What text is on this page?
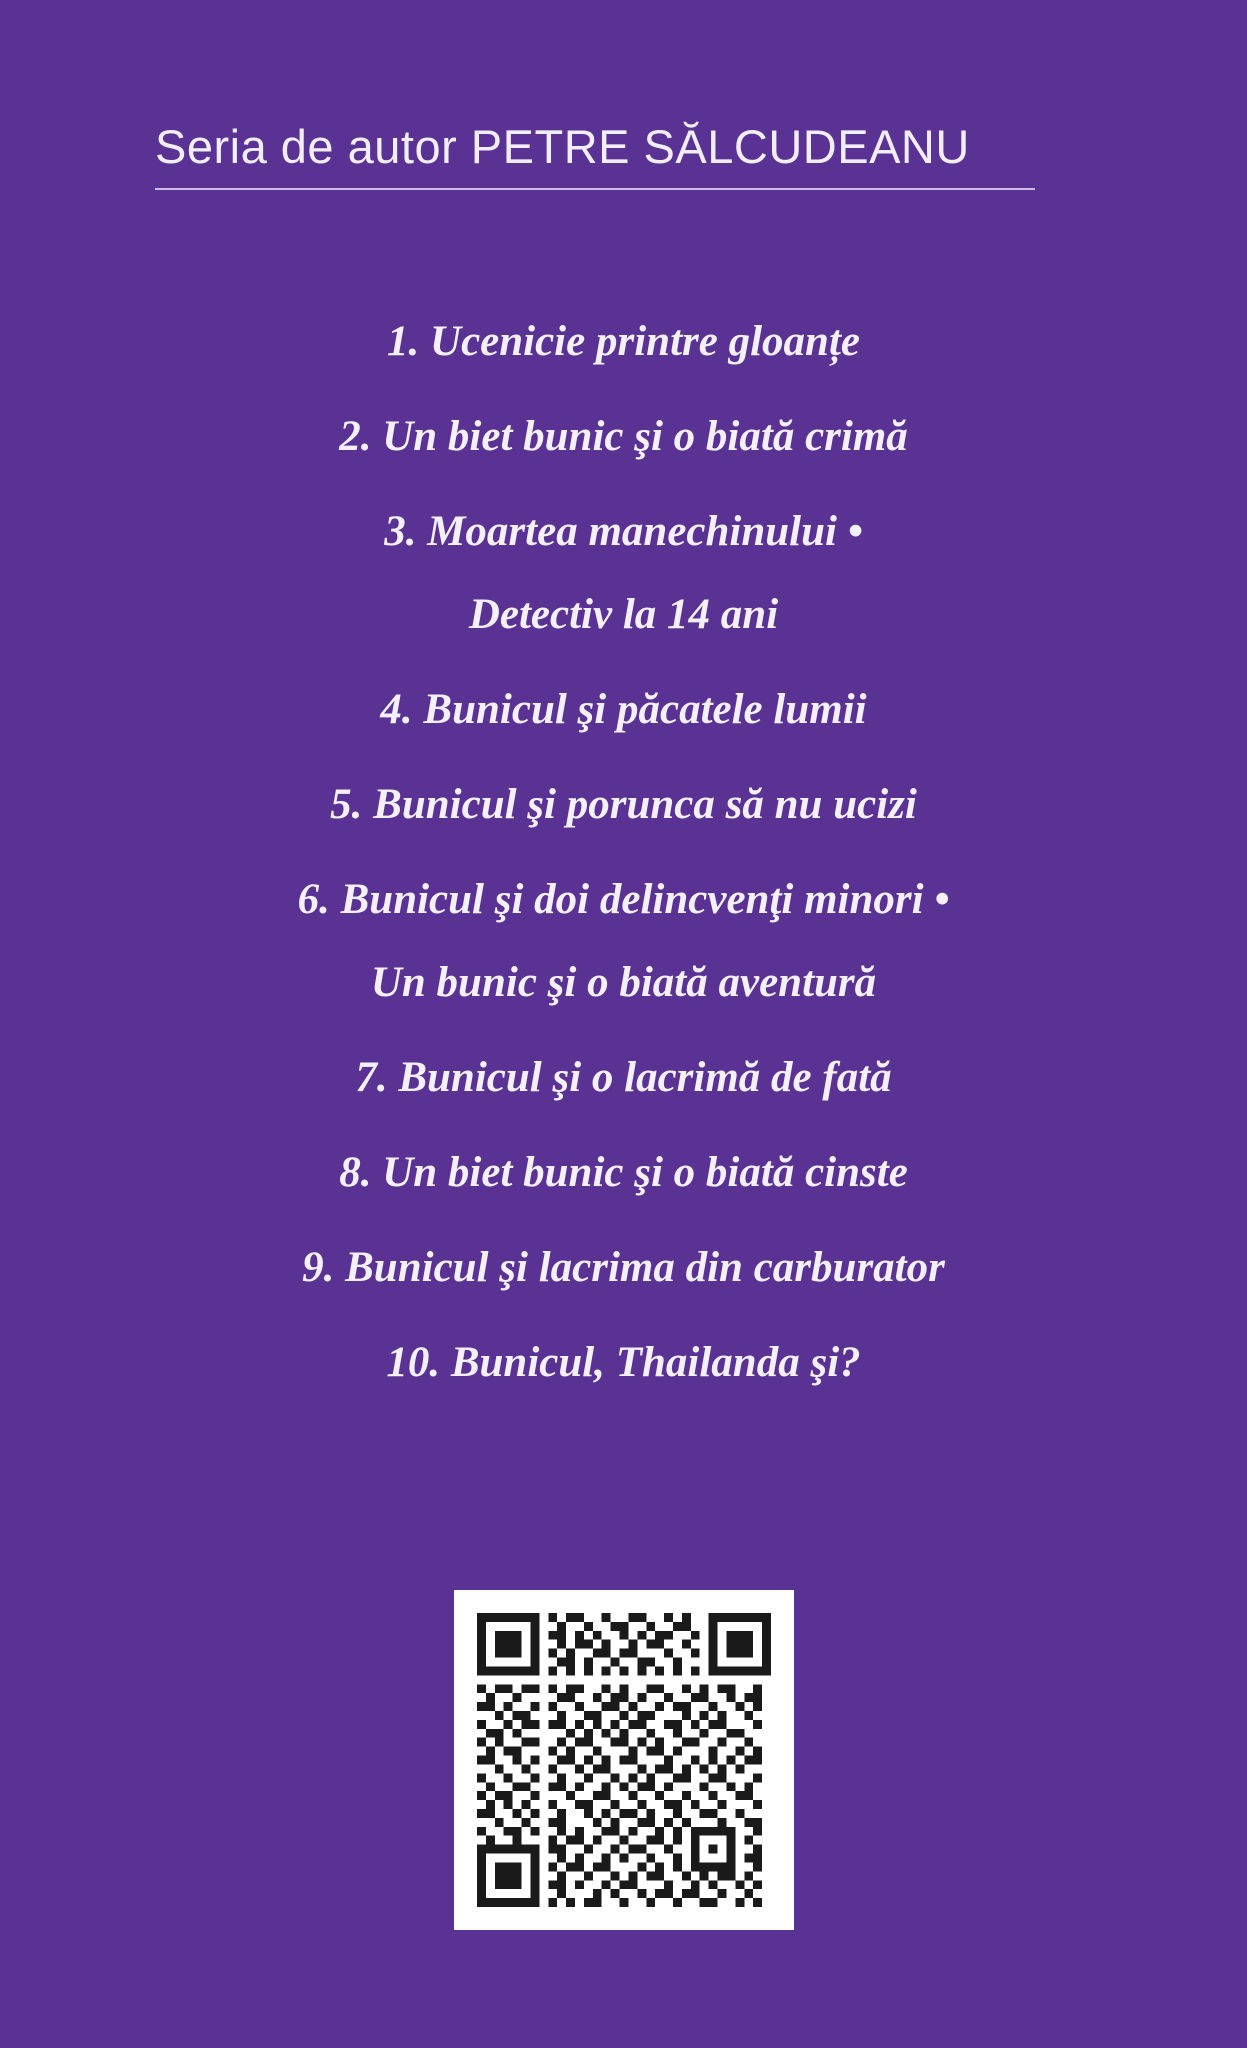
Seria de autor PETRE SĂLCUDEANU
1. Ucenicie printre gloanțe
2. Un biet bunic şi o biată crimă
3. Moartea manechinului •
Detectiv la 14 ani
4. Bunicul şi păcatele lumii
5. Bunicul şi porunca să nu ucizi
6. Bunicul şi doi delincvenţi minori •
Un bunic şi o biată aventură
7. Bunicul şi o lacrimă de fată
8. Un biet bunic şi o biată cinste
9. Bunicul şi lacrima din carburator
10. Bunicul, Thailanda şi?
